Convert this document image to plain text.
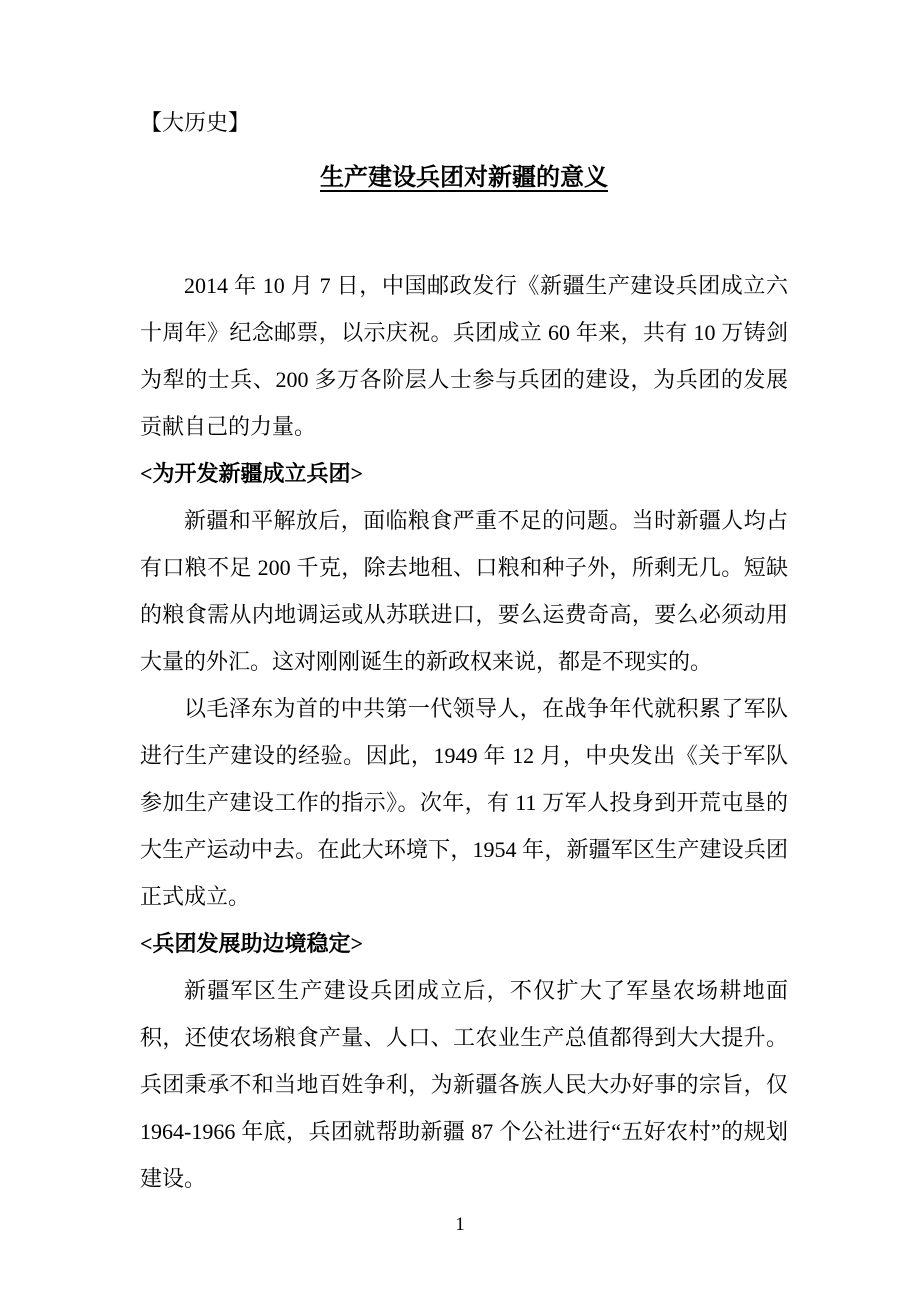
【大历史】

生产建设兵团对新疆的意义

2014 年 10 月 7 日，中国邮政发行《新疆生产建设兵团成立六十周年》纪念邮票，以示庆祝。兵团成立 60 年来，共有 10 万铸剑为犁的士兵、200 多万各阶层人士参与兵团的建设，为兵团的发展贡献自己的力量。

<为开发新疆成立兵团>

新疆和平解放后，面临粮食严重不足的问题。当时新疆人均占有口粮不足 200 千克，除去地租、口粮和种子外，所剩无几。短缺的粮食需从内地调运或从苏联进口，要么运费奇高，要么必须动用大量的外汇。这对刚刚诞生的新政权来说，都是不现实的。

以毛泽东为首的中共第一代领导人，在战争年代就积累了军队进行生产建设的经验。因此，1949 年 12 月，中央发出《关于军队参加生产建设工作的指示》。次年，有 11 万军人投身到开荒屯垦的大生产运动中去。在此大环境下，1954 年，新疆军区生产建设兵团正式成立。

<兵团发展助边境稳定>

新疆军区生产建设兵团成立后，不仅扩大了军垦农场耕地面积，还使农场粮食产量、人口、工农业生产总值都得到大大提升。兵团秉承不和当地百姓争利，为新疆各族人民大办好事的宗旨，仅 1964-1966 年底，兵团就帮助新疆 87 个公社进行“五好农村”的规划建设。

1
